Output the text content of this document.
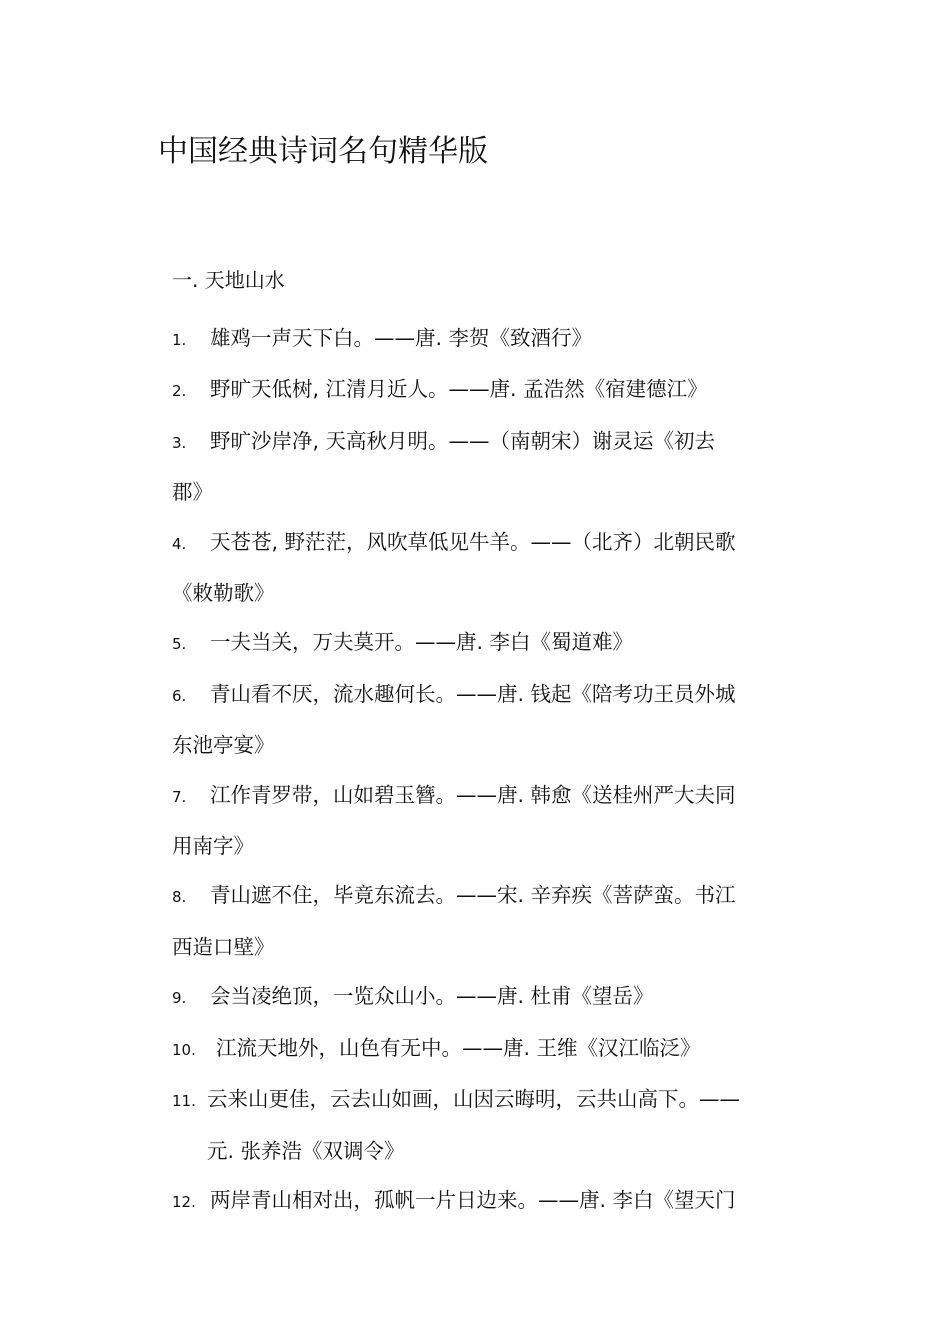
中国经典诗词名句精华版
一. 天地山水
1. 雄鸡一声天下白。——唐. 李贺《致酒行》
2. 野旷天低树, 江清月近人。——唐. 孟浩然《宿建德江》
3. 野旷沙岸净, 天高秋月明。——（南朝宋）谢灵运《初去
郡》
4. 天苍苍, 野茫茫，风吹草低见牛羊。——（北齐）北朝民歌
《敕勒歌》
5. 一夫当关，万夫莫开。——唐. 李白《蜀道难》
6. 青山看不厌，流水趣何长。——唐. 钱起《陪考功王员外城
东池亭宴》
7. 江作青罗带，山如碧玉簪。——唐. 韩愈《送桂州严大夫同
用南字》
8. 青山遮不住，毕竟东流去。——宋. 辛弃疾《菩萨蛮。书江
西造口壁》
9. 会当凌绝顶，一览众山小。——唐. 杜甫《望岳》
10. 江流天地外，山色有无中。——唐. 王维《汉江临泛》
11. 云来山更佳，云去山如画，山因云晦明，云共山高下。——
元. 张养浩《双调令》
12. 两岸青山相对出，孤帆一片日边来。——唐. 李白《望天门
